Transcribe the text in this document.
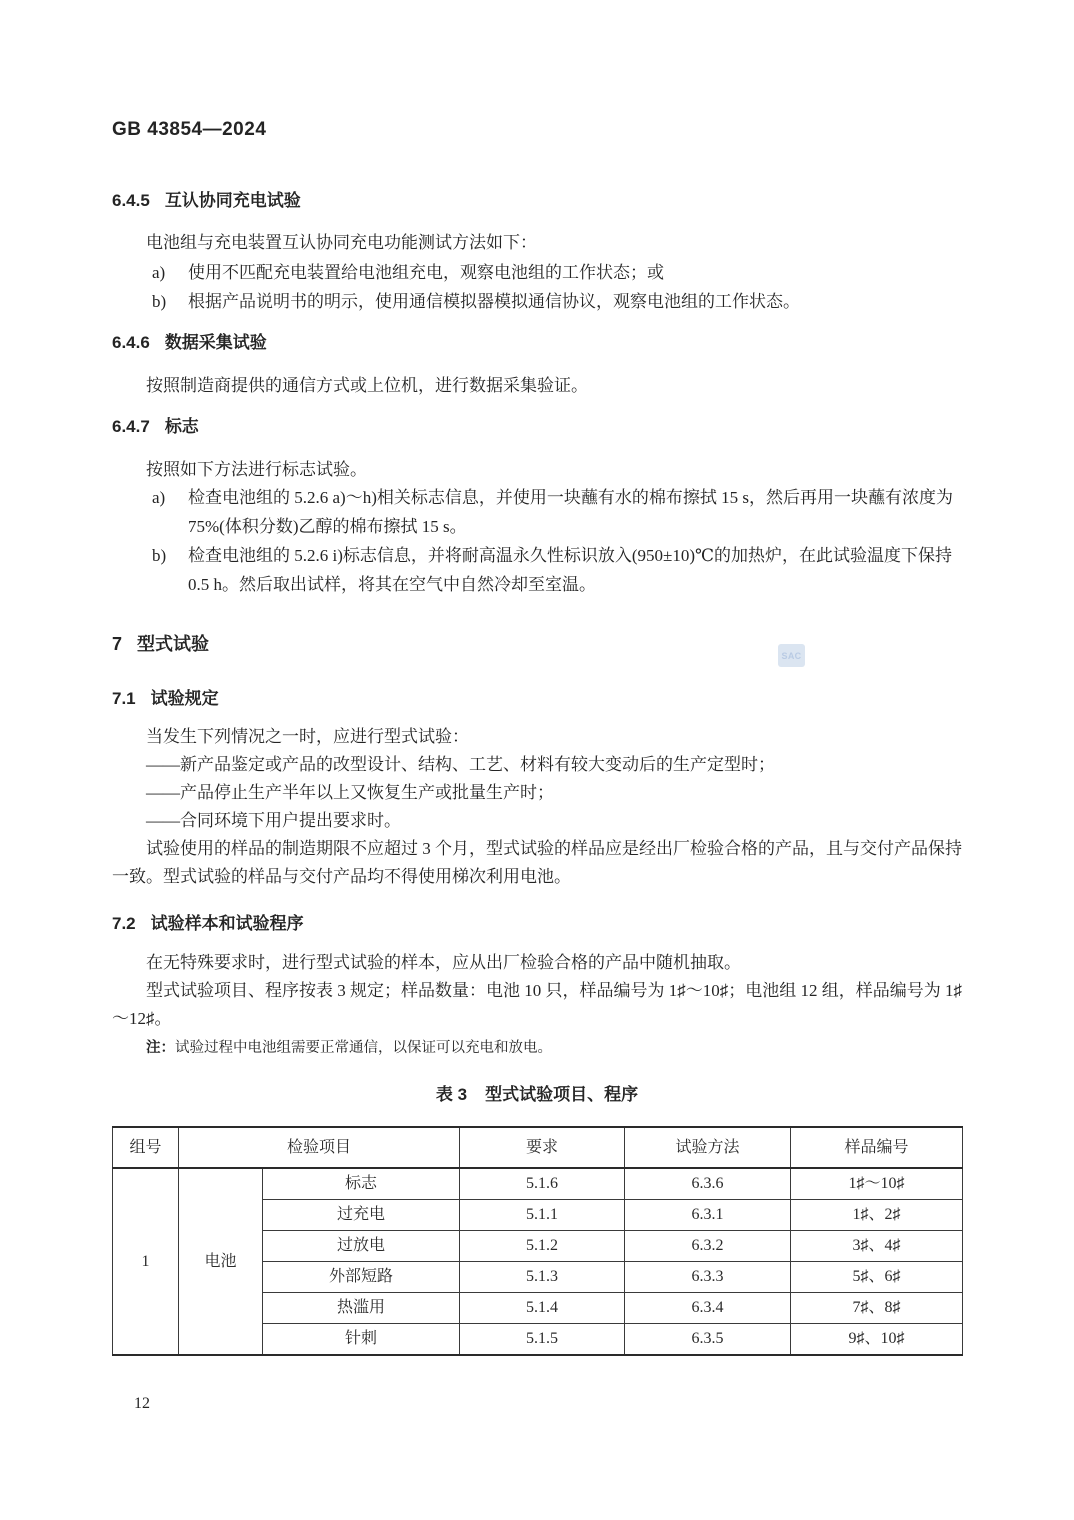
GB 43854—2024
6.4.5 互认协同充电试验
电池组与充电装置互认协同充电功能测试方法如下：
a) 使用不匹配充电装置给电池组充电，观察电池组的工作状态；或
b) 根据产品说明书的明示，使用通信模拟器模拟通信协议，观察电池组的工作状态。
6.4.6 数据采集试验
按照制造商提供的通信方式或上位机，进行数据采集验证。
6.4.7 标志
按照如下方法进行标志试验。
a) 检查电池组的 5.2.6 a)～h)相关标志信息，并使用一块蘸有水的棉布擦拭 15 s，然后再用一块蘸有浓度为 75%(体积分数)乙醇的棉布擦拭 15 s。
b) 检查电池组的 5.2.6 i)标志信息，并将耐高温永久性标识放入(950±10)℃的加热炉，在此试验温度下保持 0.5 h。然后取出试样，将其在空气中自然冷却至室温。
7 型式试验
SAC
7.1 试验规定
当发生下列情况之一时，应进行型式试验：
——新产品鉴定或产品的改型设计、结构、工艺、材料有较大变动后的生产定型时；
——产品停止生产半年以上又恢复生产或批量生产时；
——合同环境下用户提出要求时。
试验使用的样品的制造期限不应超过 3 个月，型式试验的样品应是经出厂检验合格的产品，且与交付产品保持一致。型式试验的样品与交付产品均不得使用梯次利用电池。
7.2 试验样本和试验程序
在无特殊要求时，进行型式试验的样本，应从出厂检验合格的产品中随机抽取。
型式试验项目、程序按表 3 规定；样品数量：电池 10 只，样品编号为 1♯～10♯；电池组 12 组，样品编号为 1♯～12♯。
注：试验过程中电池组需要正常通信，以保证可以充电和放电。
表 3 型式试验项目、程序
组号	检验项目		要求	试验方法	样品编号
1	电池	标志	5.1.6	6.3.6	1♯～10♯
		过充电	5.1.1	6.3.1	1♯、2♯
		过放电	5.1.2	6.3.2	3♯、4♯
		外部短路	5.1.3	6.3.3	5♯、6♯
		热滥用	5.1.4	6.3.4	7♯、8♯
		针刺	5.1.5	6.3.5	9♯、10♯
12
